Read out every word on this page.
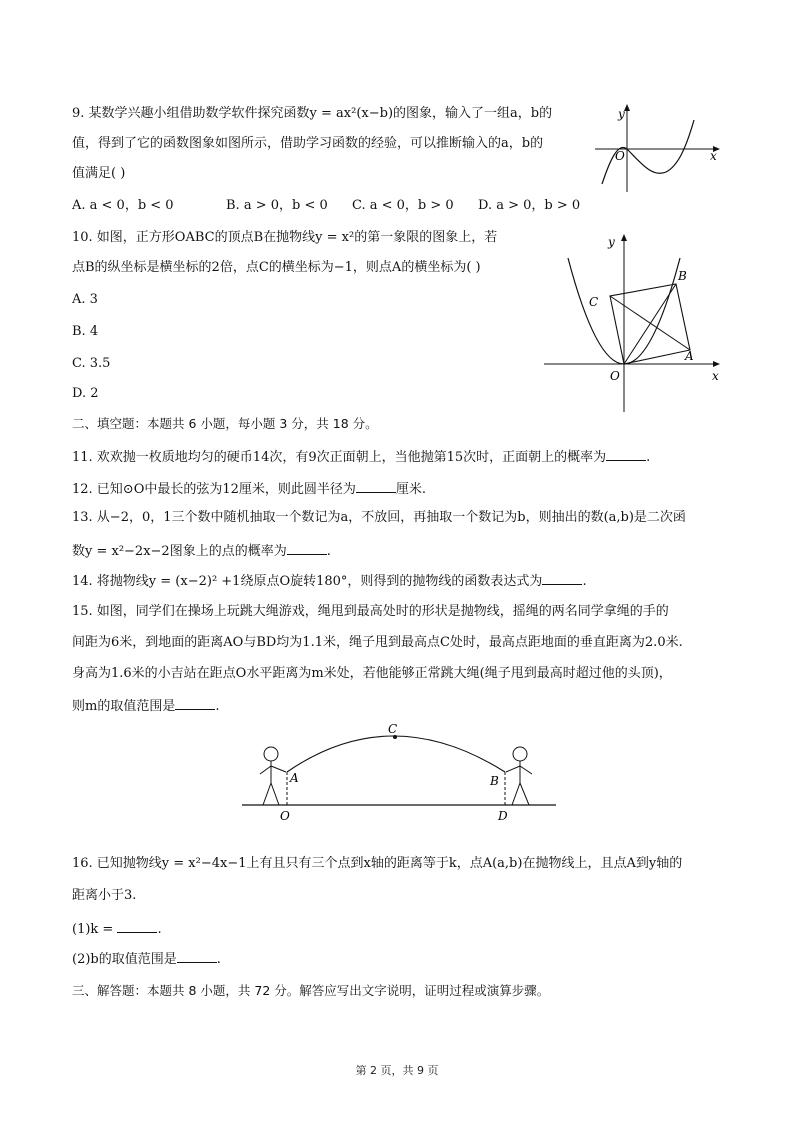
9. 某数学兴趣小组借助数学软件探究函数y = ax²(x−b)的图象，输入了一组a，b的
值，得到了它的函数图象如图所示，借助学习函数的经验，可以推断输入的a，b的
值满足( )
A. a < 0，b < 0	B. a > 0，b < 0 C. a < 0，b > 0 D. a > 0，b > 0
y
x
O
10. 如图，正方形OABC的顶点B在抛物线y = x²的第一象限的图象上，若
点B的纵坐标是横坐标的2倍，点C的横坐标为−1，则点A的横坐标为( )
A. 3
B. 4
C. 3.5
D. 2
y
x
O
A
B
C
二、填空题：本题共 6 小题，每小题 3 分，共 18 分。
11. 欢欢抛一枚质地均匀的硬币14次，有9次正面朝上，当他抛第15次时，正面朝上的概率为	.
12. 已知⊙O中最长的弦为12厘米，则此圆半径为	厘米.
13. 从−2，0，1三个数中随机抽取一个数记为a，不放回，再抽取一个数记为b，则抽出的数(a,b)是二次函
数y = x²−2x−2图象上的点的概率为	.
14. 将抛物线y = (x−2)² +1绕原点O旋转180°，则得到的抛物线的函数表达式为	.
15. 如图，同学们在操场上玩跳大绳游戏，绳甩到最高处时的形状是抛物线，摇绳的两名同学拿绳的手的
间距为6米，到地面的距离AO与BD均为1.1米，绳子甩到最高点C处时，最高点距地面的垂直距离为2.0米.
身高为1.6米的小吉站在距点O水平距离为m米处，若他能够正常跳大绳(绳子甩到最高时超过他的头顶)，
则m的取值范围是	.
A	B
C
O	D
16. 已知抛物线y = x²−4x−1上有且只有三个点到x轴的距离等于k，点A(a,b)在抛物线上，且点A到y轴的
距离小于3.
(1)k =	.
(2)b的取值范围是	.
三、解答题：本题共 8 小题，共 72 分。解答应写出文字说明，证明过程或演算步骤。
第 2 页，共 9 页
